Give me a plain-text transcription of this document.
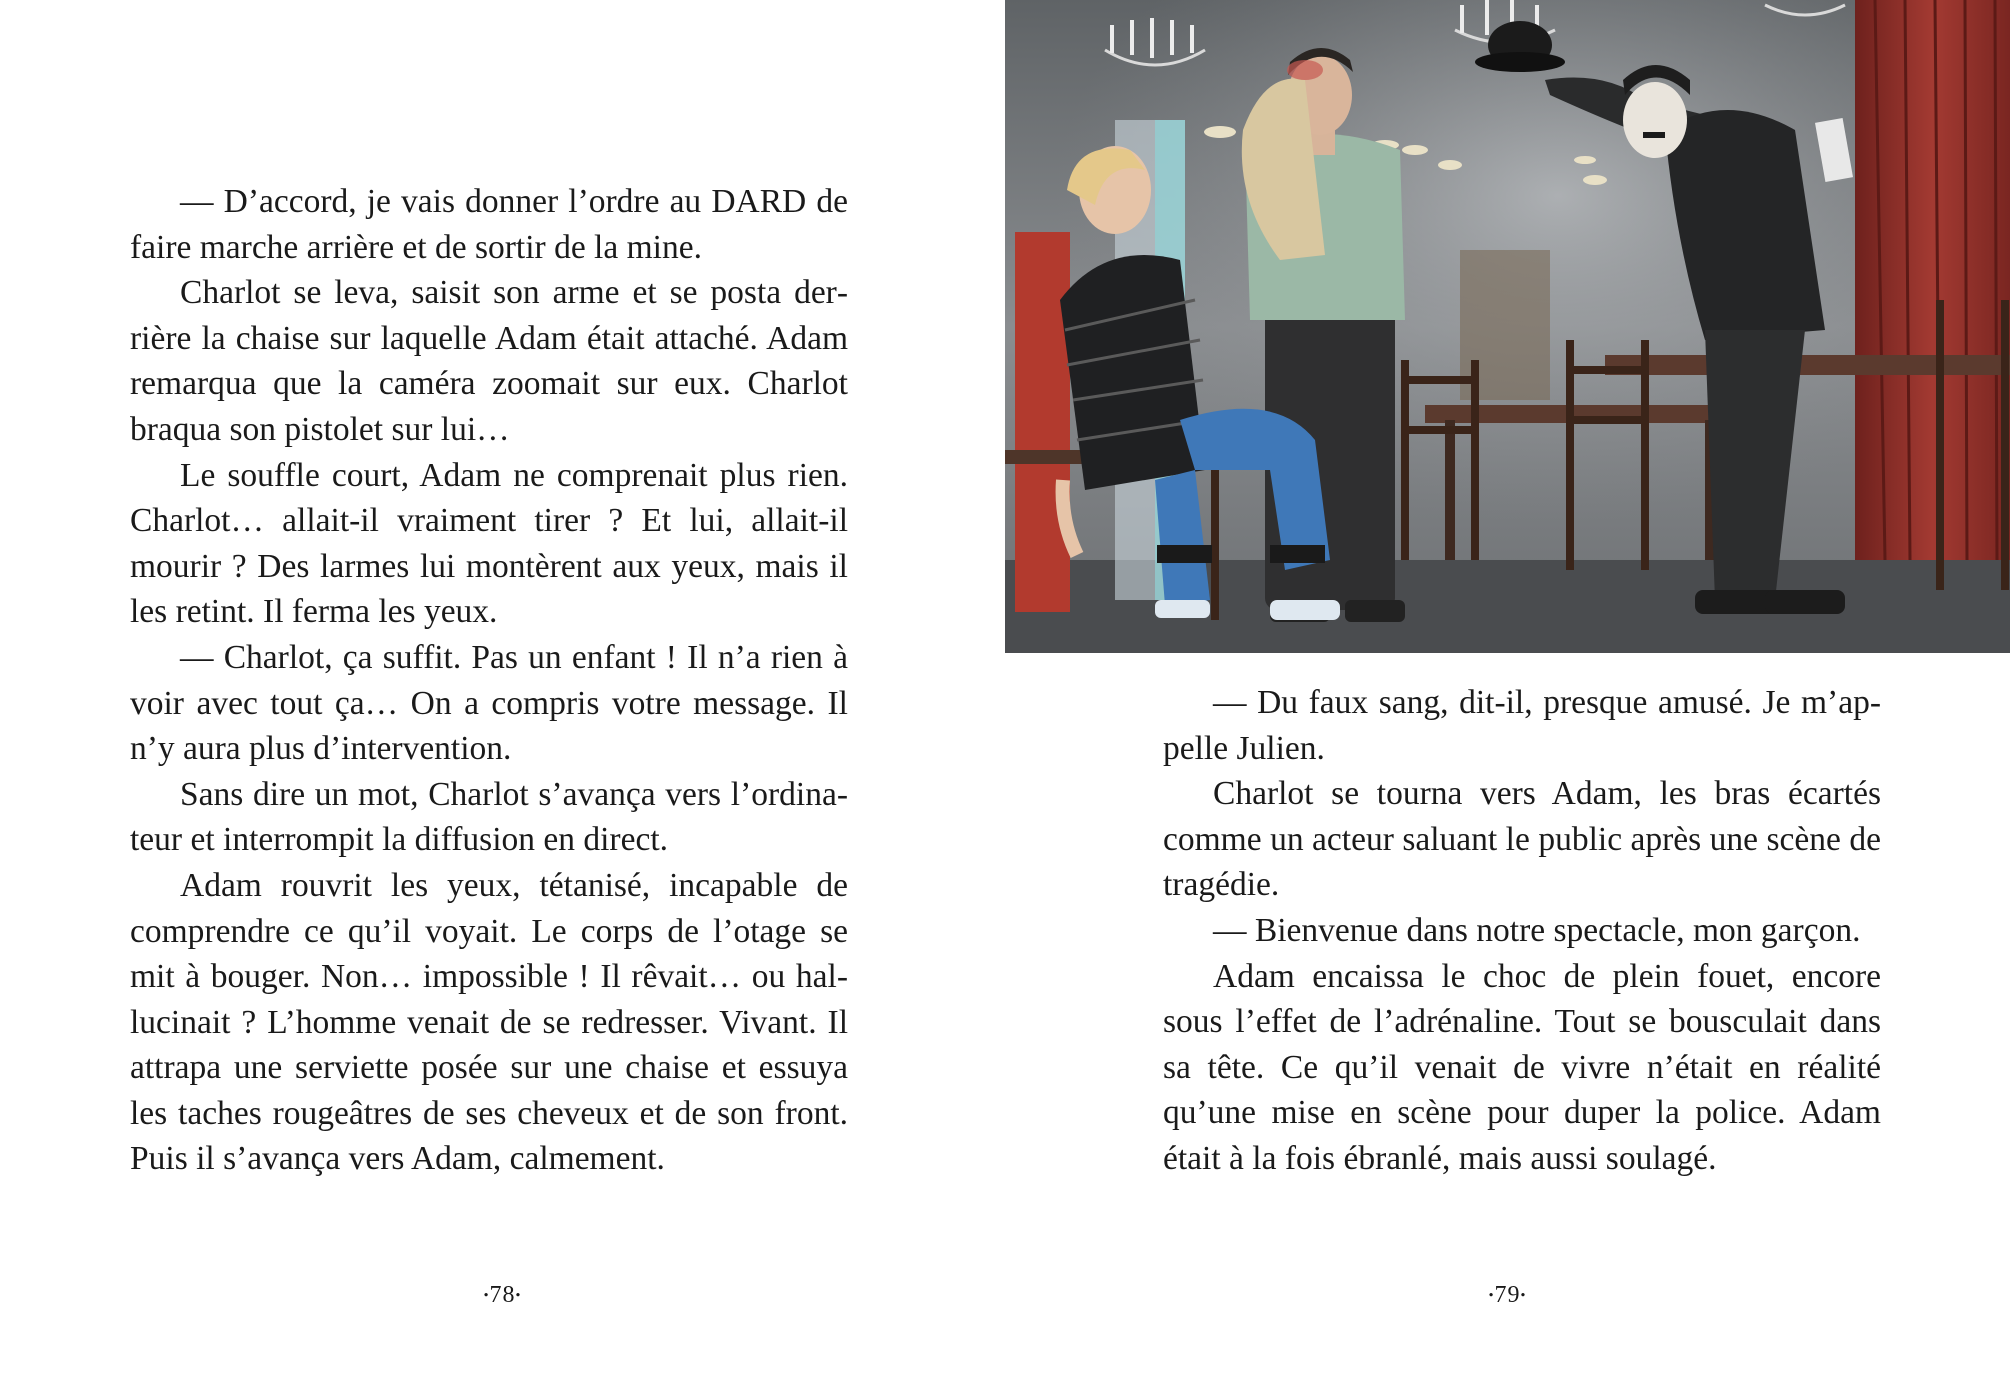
— D’accord, je vais donner l’ordre au DARD de faire marche arrière et de sortir de la mine.

Charlot se leva, saisit son arme et se posta derrière la chaise sur laquelle Adam était attaché. Adam remarqua que la caméra zoomait sur eux. Charlot braqua son pistolet sur lui…

Le souffle court, Adam ne comprenait plus rien. Charlot… allait-il vraiment tirer ? Et lui, allait-il mourir ? Des larmes lui montèrent aux yeux, mais il les retint. Il ferma les yeux.

— Charlot, ça suffit. Pas un enfant ! Il n’a rien à voir avec tout ça… On a compris votre message. Il n’y aura plus d’intervention.

Sans dire un mot, Charlot s’avança vers l’ordinateur et interrompit la diffusion en direct.

Adam rouvrit les yeux, tétanisé, incapable de comprendre ce qu’il voyait. Le corps de l’otage se mit à bouger. Non… impossible ! Il rêvait… ou hallucinait ? L’homme venait de se redresser. Vivant. Il attrapa une serviette posée sur une chaise et essuya les taches rougeâtres de ses cheveux et de son front. Puis il s’avança vers Adam, calmement.

•78•

— Du faux sang, dit-il, presque amusé. Je m’appelle Julien.

Charlot se tourna vers Adam, les bras écartés comme un acteur saluant le public après une scène de tragédie.

— Bienvenue dans notre spectacle, mon garçon.

Adam encaissa le choc de plein fouet, encore sous l’effet de l’adrénaline. Tout se bousculait dans sa tête. Ce qu’il venait de vivre n’était en réalité qu’une mise en scène pour duper la police. Adam était à la fois ébranlé, mais aussi soulagé.

•79•
